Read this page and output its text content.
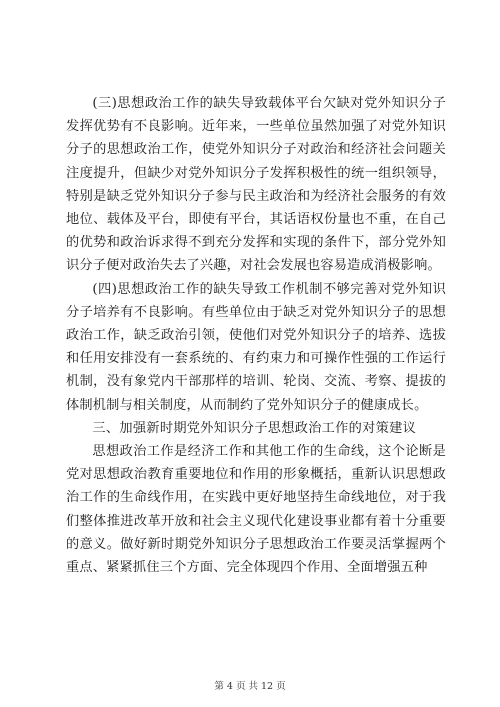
(三)思想政治工作的缺失导致载体平台欠缺对党外知识分子发挥优势有不良影响。近年来，一些单位虽然加强了对党外知识分子的思想政治工作，使党外知识分子对政治和经济社会问题关注度提升，但缺少对党外知识分子发挥积极性的统一组织领导，特别是缺乏党外知识分子参与民主政治和为经济社会服务的有效地位、载体及平台，即使有平台，其话语权份量也不重，在自己的优势和政治诉求得不到充分发挥和实现的条件下，部分党外知识分子便对政治失去了兴趣，对社会发展也容易造成消极影响。

(四)思想政治工作的缺失导致工作机制不够完善对党外知识分子培养有不良影响。有些单位由于缺乏对党外知识分子的思想政治工作，缺乏政治引领，使他们对党外知识分子的培养、选拔和任用安排没有一套系统的、有约束力和可操作性强的工作运行机制，没有象党内干部那样的培训、轮岗、交流、考察、提拔的体制机制与相关制度，从而制约了党外知识分子的健康成长。

三、加强新时期党外知识分子思想政治工作的对策建议

思想政治工作是经济工作和其他工作的生命线，这个论断是党对思想政治教育重要地位和作用的形象概括，重新认识思想政治工作的生命线作用，在实践中更好地坚持生命线地位，对于我们整体推进改革开放和社会主义现代化建设事业都有着十分重要的意义。做好新时期党外知识分子思想政治工作要灵活掌握两个重点、紧紧抓住三个方面、完全体现四个作用、全面增强五种

第 4 页 共 12 页
